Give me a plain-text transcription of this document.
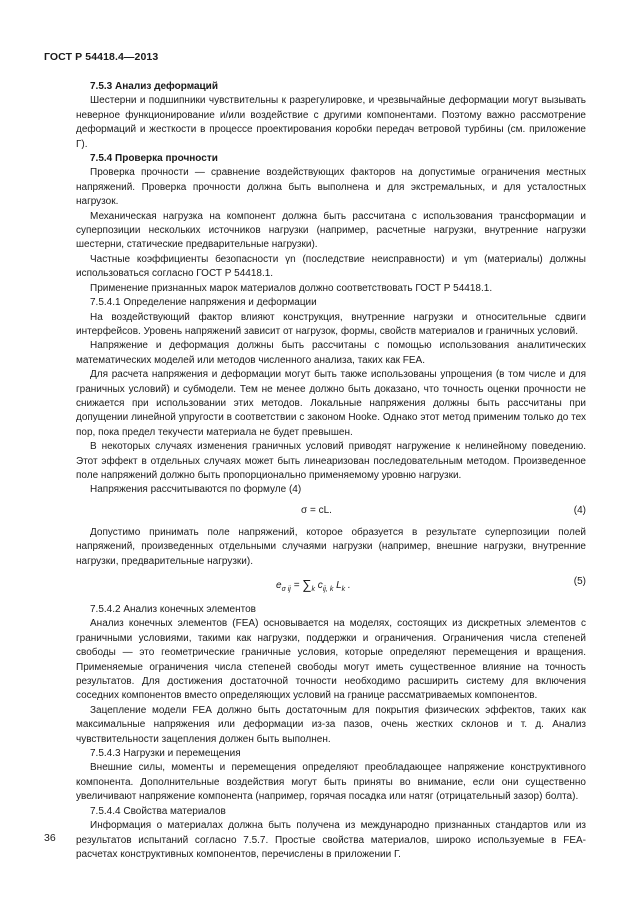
ГОСТ Р 54418.4—2013

7.5.3 Анализ деформаций

Шестерни и подшипники чувствительны к разрегулировке, и чрезвычайные деформации могут вызывать неверное функционирование и/или воздействие с другими компонентами. Поэтому важно рассмотрение деформаций и жесткости в процессе проектирования коробки передач ветровой турбины (см. приложение Г).

7.5.4 Проверка прочности

Проверка прочности — сравнение воздействующих факторов на допустимые ограничения местных напряжений. Проверка прочности должна быть выполнена и для экстремальных, и для усталостных нагрузок.

Механическая нагрузка на компонент должна быть рассчитана с использования трансформации и суперпозиции нескольких источников нагрузки (например, расчетные нагрузки, внутренние нагрузки шестерни, статические предварительные нагрузки).

Частные коэффициенты безопасности γn (последствие неисправности) и γm (материалы) должны использоваться согласно ГОСТ Р 54418.1.

Применение признанных марок материалов должно соответствовать ГОСТ Р 54418.1.

7.5.4.1 Определение напряжения и деформации

На воздействующий фактор влияют конструкция, внутренние нагрузки и относительные сдвиги интерфейсов. Уровень напряжений зависит от нагрузок, формы, свойств материалов и граничных условий.

Напряжение и деформация должны быть рассчитаны с помощью использования аналитических математических моделей или методов численного анализа, таких как FEA.

Для расчета напряжения и деформации могут быть также использованы упрощения (в том числе и для граничных условий) и субмодели. Тем не менее должно быть доказано, что точность оценки прочности не снижается при использовании этих методов. Локальные напряжения должны быть рассчитаны при допущении линейной упругости в соответствии с законом Hooke. Однако этот метод применим только до тех пор, пока предел текучести материала не будет превышен.

В некоторых случаях изменения граничных условий приводят нагружение к нелинейному поведению. Этот эффект в отдельных случаях может быть линеаризован последовательным методом. Произведенное поле напряжений должно быть пропорционально применяемому уровню нагрузки.

Напряжения рассчитываются по формуле (4)

σ = cL.	(4)

Допустимо принимать поле напряжений, которое образуется в результате суперпозиции полей напряжений, произведенных отдельными случаями нагрузки (например, внешние нагрузки, внутренние нагрузки, предварительные нагрузки).

$e_{\sigma ij} = \sum_k$ $c_{ij, k}$ $L_k$ .	(5)

7.5.4.2 Анализ конечных элементов

Анализ конечных элементов (FEA) основывается на моделях, состоящих из дискретных элементов с граничными условиями, такими как нагрузки, поддержки и ограничения. Ограничения числа степеней свободы — это геометрические граничные условия, которые определяют перемещения и вращения. Применяемые ограничения числа степеней свободы могут иметь существенное влияние на точность результатов. Для достижения достаточной точности необходимо расширить систему для включения соседних компонентов вместо определяющих условий на границе рассматриваемых компонентов.

Зацепление модели FEA должно быть достаточным для покрытия физических эффектов, таких как максимальные напряжения или деформации из-за пазов, очень жестких склонов и т. д. Анализ чувствительности зацепления должен быть выполнен.

7.5.4.3 Нагрузки и перемещения

Внешние силы, моменты и перемещения определяют преобладающее напряжение конструктивного компонента. Дополнительные воздействия могут быть приняты во внимание, если они существенно увеличивают напряжение компонента (например, горячая посадка или натяг (отрицательный зазор) болта).

7.5.4.4 Свойства материалов

Информация о материалах должна быть получена из международно признанных стандартов или из результатов испытаний согласно 7.5.7. Простые свойства материалов, широко используемые в FEA-расчетах конструктивных компонентов, перечислены в приложении Г.

36
